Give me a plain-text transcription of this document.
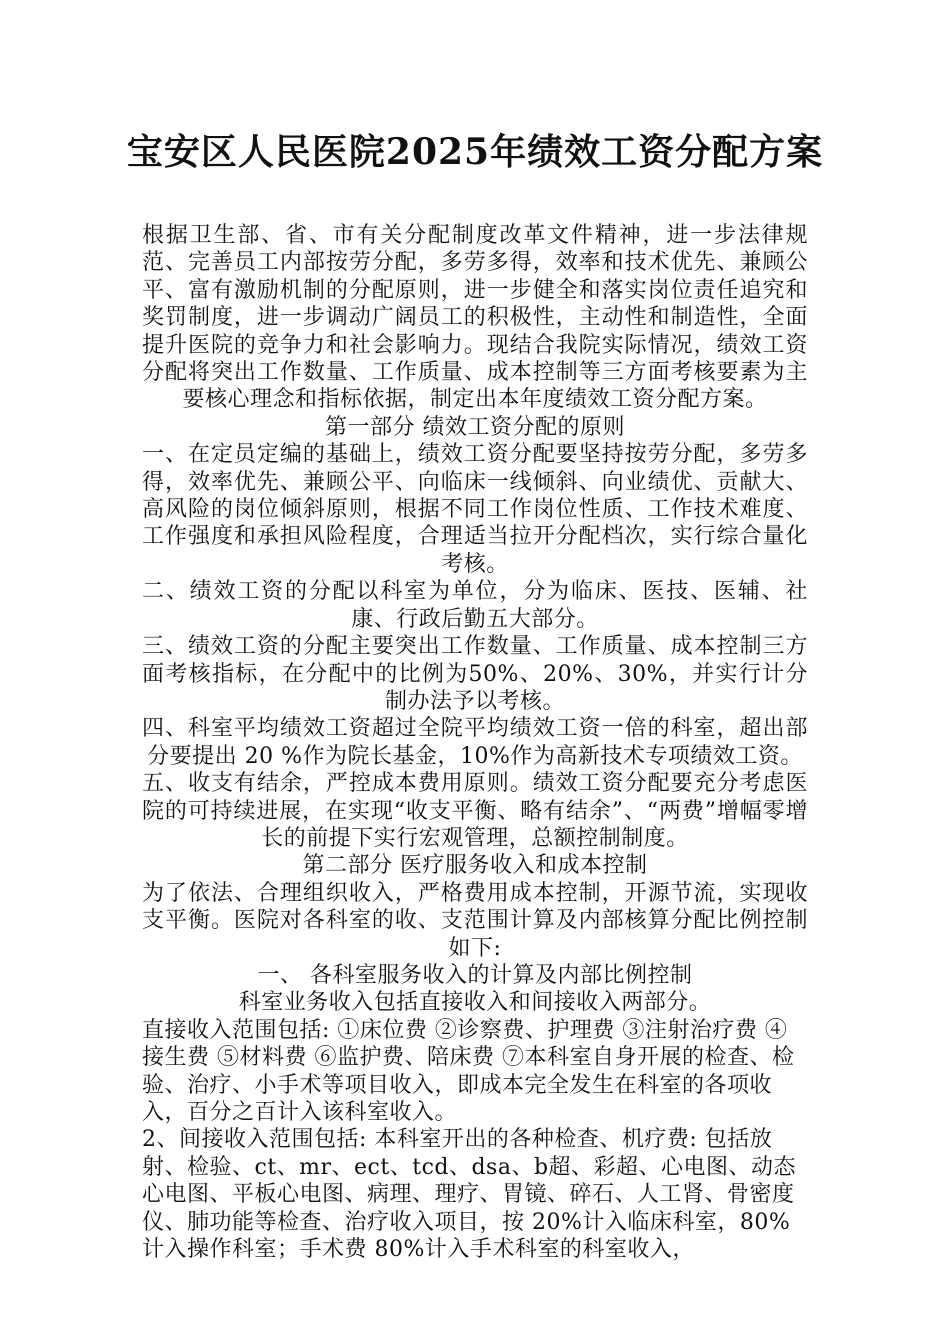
宝安区人民医院2025年绩效工资分配方案

根据卫生部、省、市有关分配制度改革文件精神，进一步法律规范、完善员工内部按劳分配，多劳多得，效率和技术优先、兼顾公平、富有激励机制的分配原则，进一步健全和落实岗位责任追究和奖罚制度，进一步调动广阔员工的积极性，主动性和制造性，全面提升医院的竞争力和社会影响力。现结合我院实际情况，绩效工资分配将突出工作数量、工作质量、成本控制等三方面考核要素为主要核心理念和指标依据，制定出本年度绩效工资分配方案。

第一部分 绩效工资分配的原则

一、在定员定编的基础上，绩效工资分配要坚持按劳分配，多劳多得，效率优先、兼顾公平、向临床一线倾斜、向业绩优、贡献大、高风险的岗位倾斜原则，根据不同工作岗位性质、工作技术难度、工作强度和承担风险程度，合理适当拉开分配档次，实行综合量化考核。

二、绩效工资的分配以科室为单位，分为临床、医技、医辅、社康、行政后勤五大部分。

三、绩效工资的分配主要突出工作数量、工作质量、成本控制三方面考核指标，在分配中的比例为50%、20%、30%，并实行计分制办法予以考核。

四、科室平均绩效工资超过全院平均绩效工资一倍的科室，超出部分要提出 20 %作为院长基金，10%作为高新技术专项绩效工资。

五、收支有结余，严控成本费用原则。绩效工资分配要充分考虑医院的可持续进展，在实现“收支平衡、略有结余”、“两费”增幅零增长的前提下实行宏观管理，总额控制制度。

第二部分 医疗服务收入和成本控制

为了依法、合理组织收入，严格费用成本控制，开源节流，实现收支平衡。医院对各科室的收、支范围计算及内部核算分配比例控制如下:

一、 各科室服务收入的计算及内部比例控制

科室业务收入包括直接收入和间接收入两部分。

直接收入范围包括: ①床位费 ②诊察费、护理费 ③注射治疗费 ④接生费 ⑤材料费 ⑥监护费、陪床费 ⑦本科室自身开展的检查、检验、治疗、小手术等项目收入，即成本完全发生在科室的各项收入，百分之百计入该科室收入。

2、间接收入范围包括: 本科室开出的各种检查、机疗费: 包括放射、检验、ct、mr、ect、tcd、dsa、b超、彩超、心电图、动态心电图、平板心电图、病理、理疗、胃镜、碎石、人工肾、骨密度仪、肺功能等检查、治疗收入项目，按 20%计入临床科室，80%计入操作科室；手术费 80%计入手术科室的科室收入，
